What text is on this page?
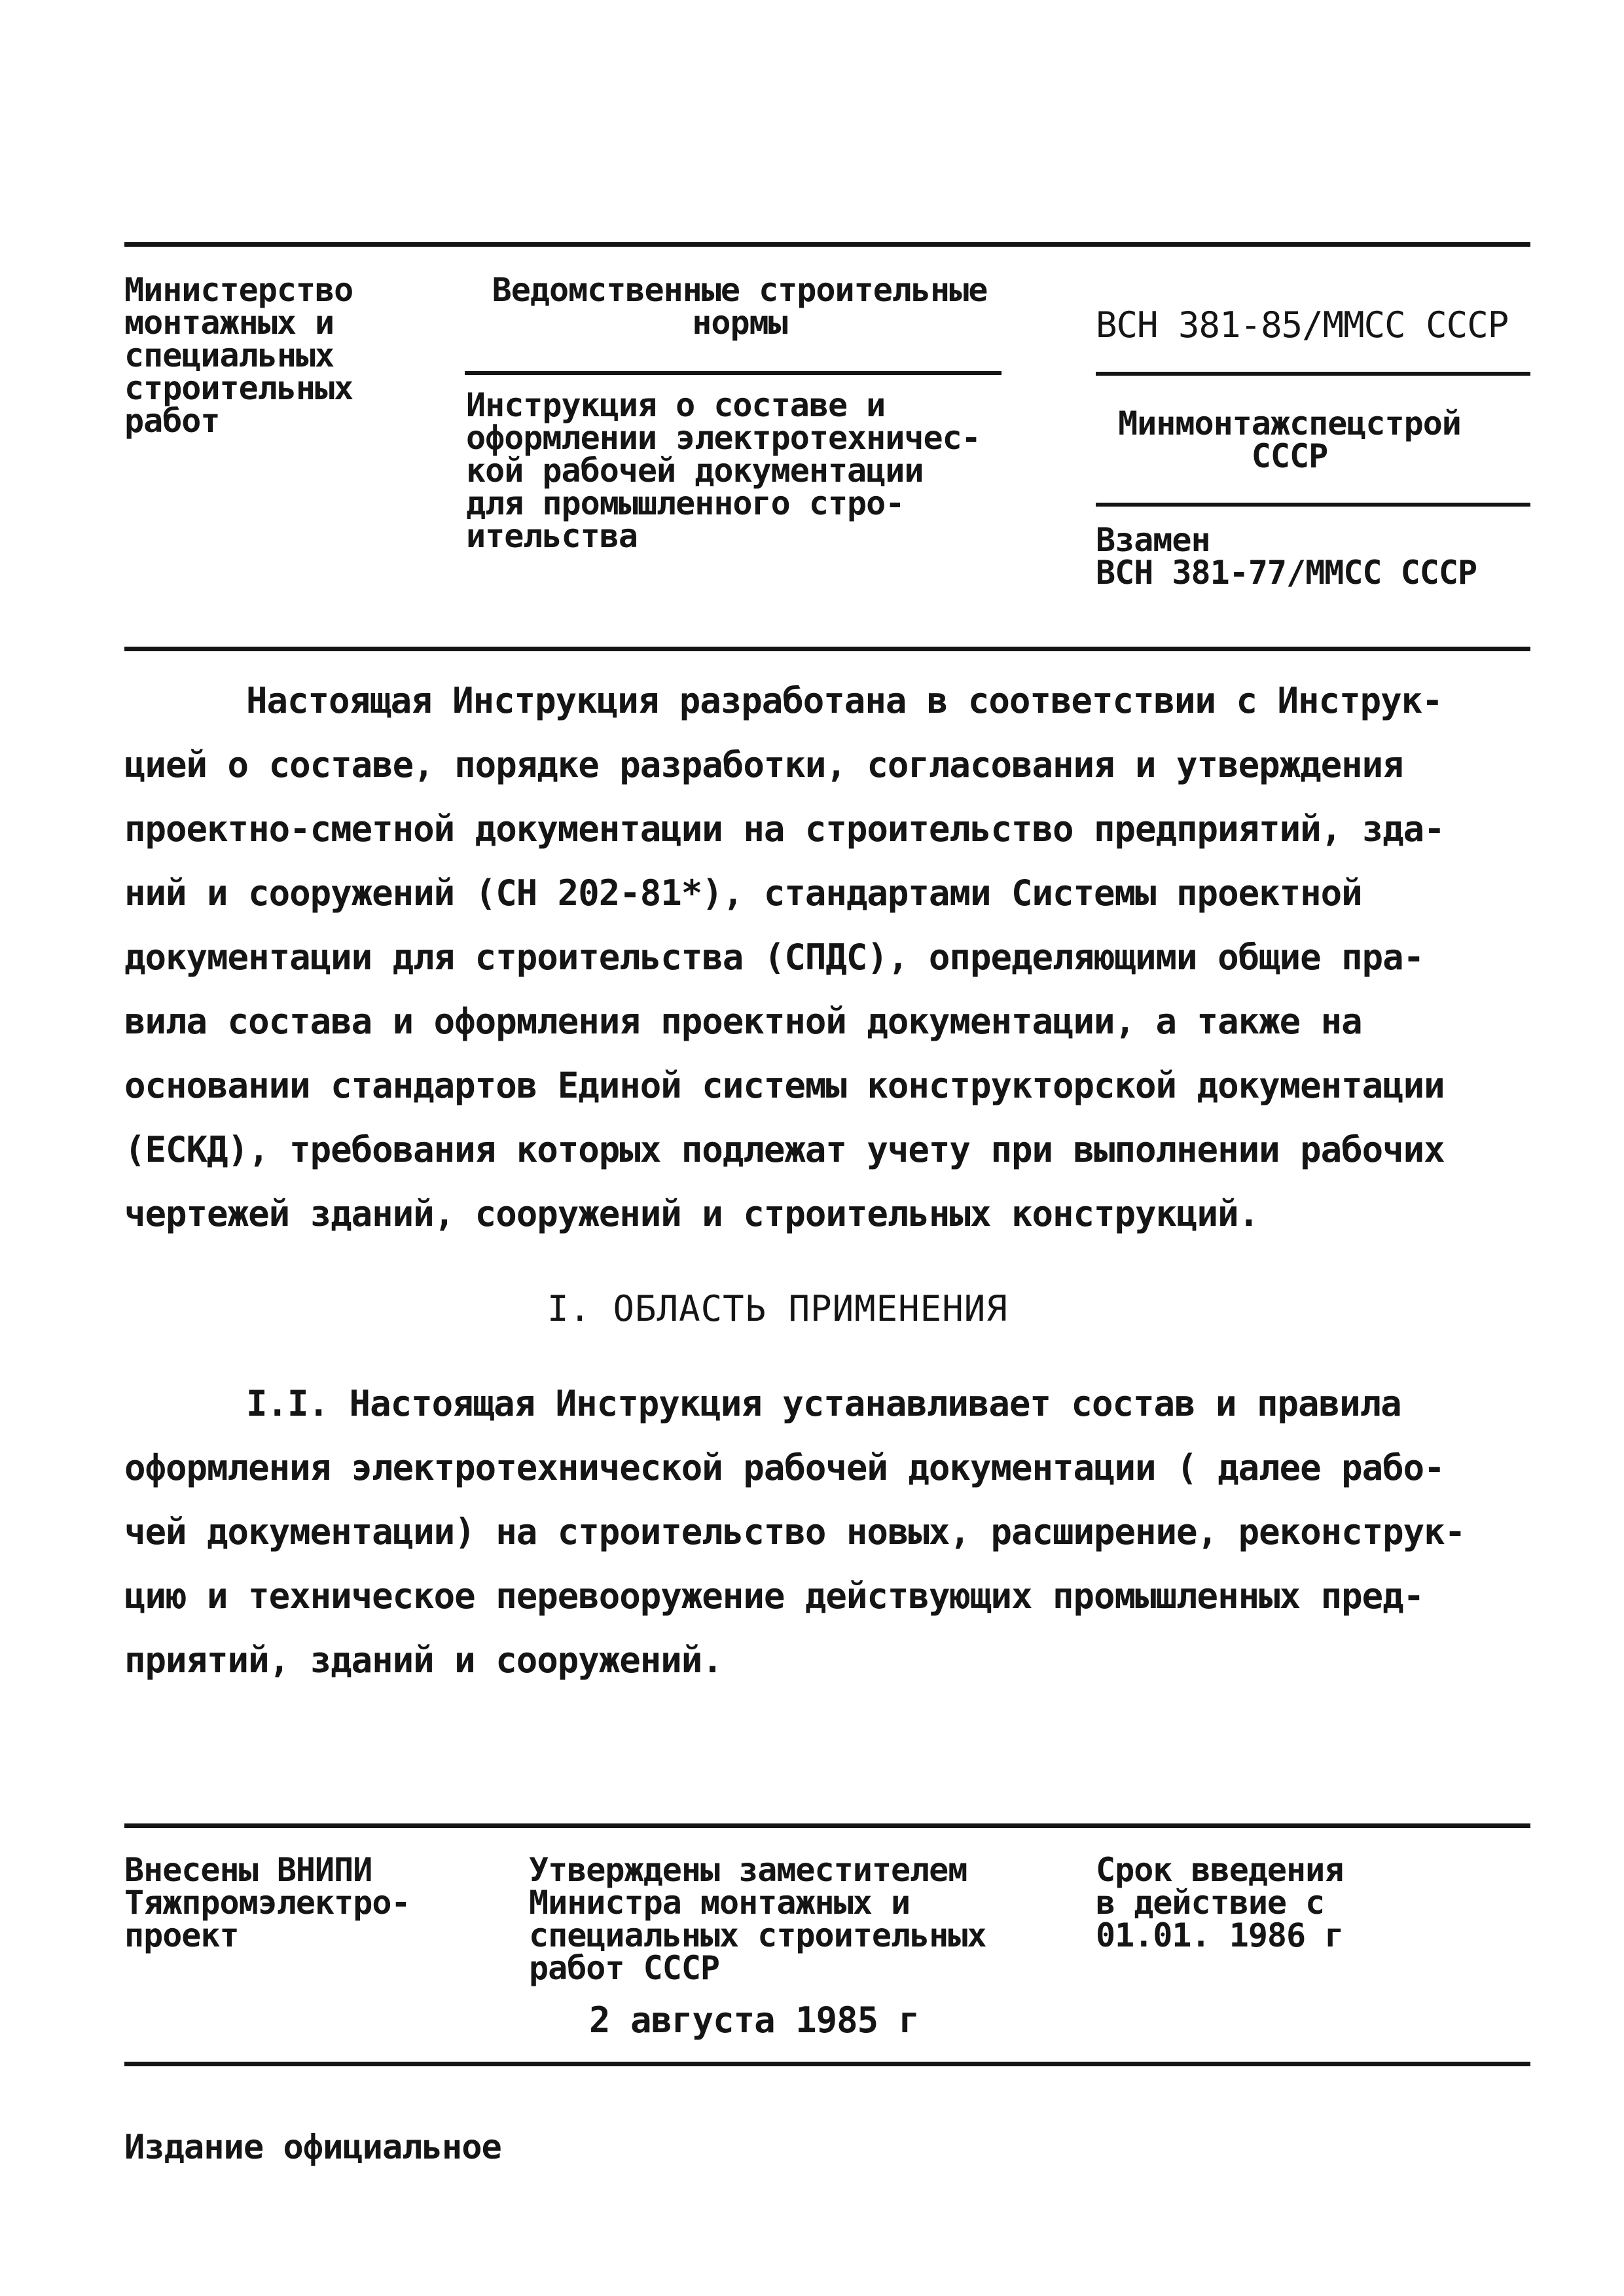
Министерство
монтажных и
специальных
строительных
работ
Ведомственные строительные
нормы
Инструкция о составе и
оформлении электротехничес-
кой рабочей документации
для промышленного стро-
ительства
ВСН 381-85/ММСС СССР
Минмонтажспецстрой
СССР
Взамен
ВСН 381-77/ММСС СССР
Настоящая Инструкция разработана в соответствии с Инструк-
цией о составе, порядке разработки, согласования и утверждения
проектно-сметной документации на строительство предприятий, зда-
ний и сооружений (СН 202-81*), стандартами Системы проектной
документации для строительства (СПДС), определяющими общие пра-
вила состава и оформления проектной документации, а также на
основании стандартов Единой системы конструкторской документации
(ЕСКД), требования которых подлежат учету при выполнении рабочих
чертежей зданий, сооружений и строительных конструкций.
I. ОБЛАСТЬ ПРИМЕНЕНИЯ
I.I. Настоящая Инструкция устанавливает состав и правила
оформления электротехнической рабочей документации ( далее рабо-
чей документации) на строительство новых, расширение, реконструк-
цию и техническое перевооружение действующих промышленных пред-
приятий, зданий и сооружений.
Внесены ВНИПИ
Тяжпромэлектро-
проект
Утверждены заместителем
Министра монтажных и
специальных строительных
работ СССР
2 августа 1985 г
Срок введения
в действие с
01.01. 1986 г
Издание официальное
